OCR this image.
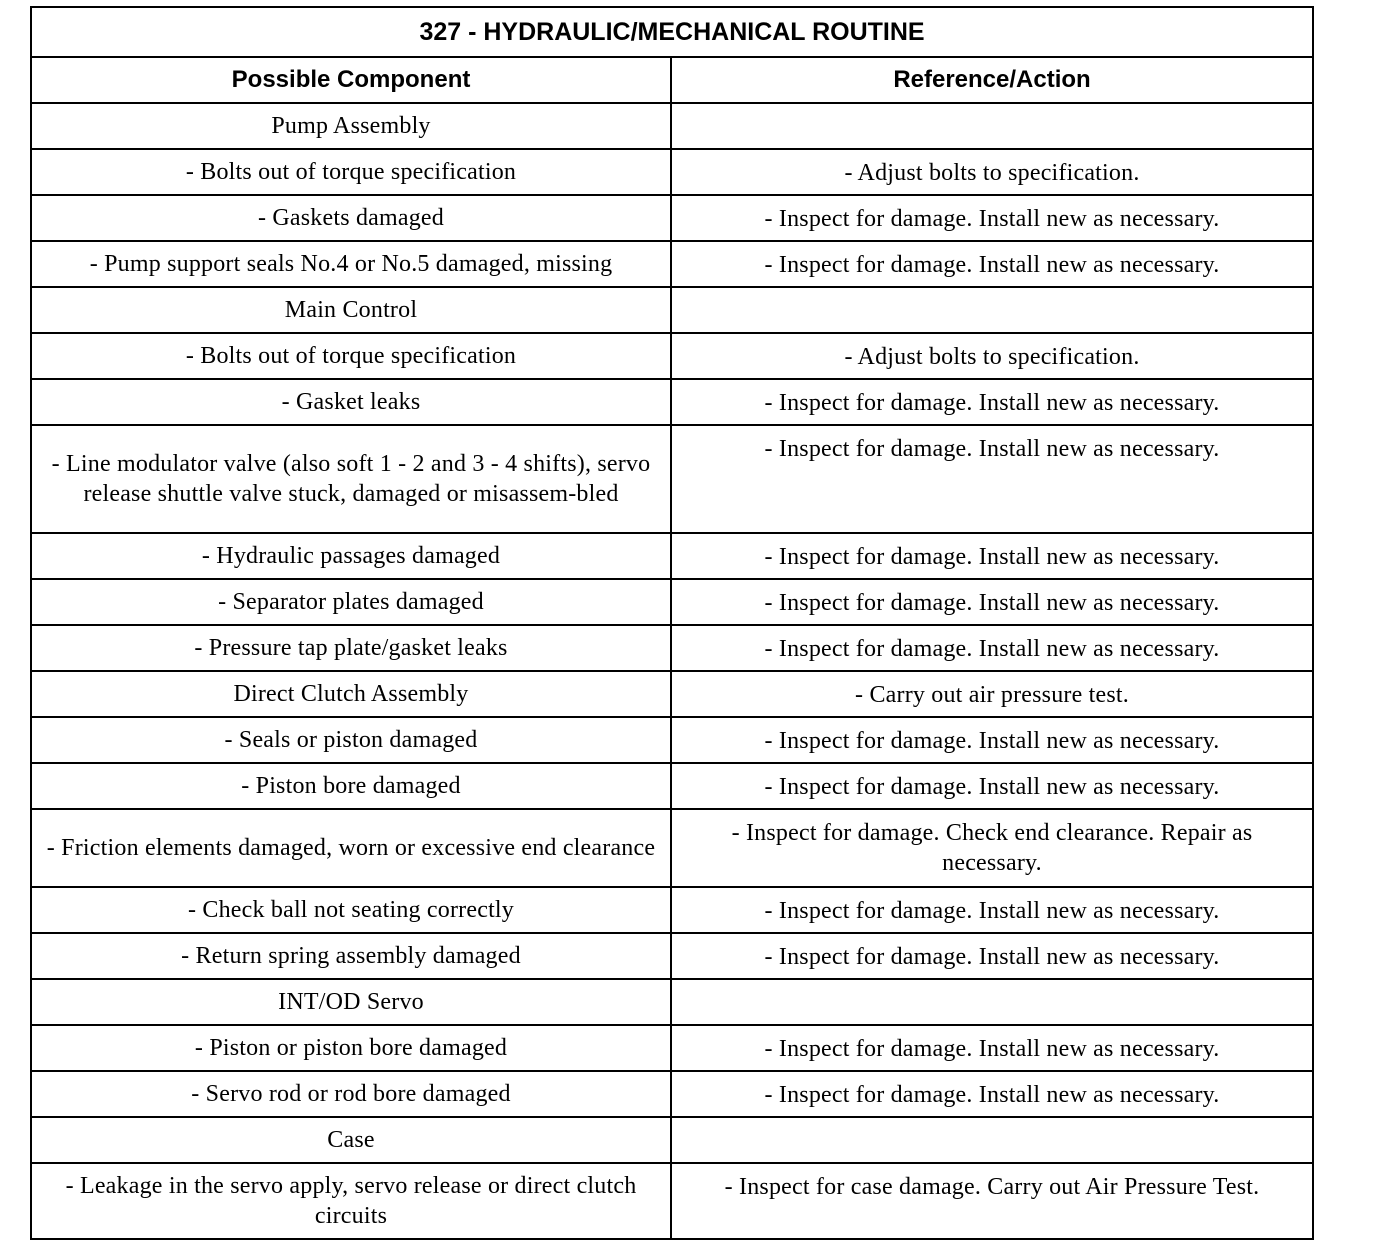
327 - HYDRAULIC/MECHANICAL ROUTINE	
Possible Component	Reference/Action
Pump Assembly	
- Bolts out of torque specification	- Adjust bolts to specification.
- Gaskets damaged	- Inspect for damage. Install new as necessary.
- Pump support seals No.4 or No.5 damaged, missing	- Inspect for damage. Install new as necessary.
Main Control	
- Bolts out of torque specification	- Adjust bolts to specification.
- Gasket leaks	- Inspect for damage. Install new as necessary.
- Line modulator valve (also soft 1 - 2 and 3 - 4 shifts), servo release shuttle valve stuck, damaged or misassem-bled	- Inspect for damage. Install new as necessary.
- Hydraulic passages damaged	- Inspect for damage. Install new as necessary.
- Separator plates damaged	- Inspect for damage. Install new as necessary.
- Pressure tap plate/gasket leaks	- Inspect for damage. Install new as necessary.
Direct Clutch Assembly	- Carry out air pressure test.
- Seals or piston damaged	- Inspect for damage. Install new as necessary.
- Piston bore damaged	- Inspect for damage. Install new as necessary.
- Friction elements damaged, worn or excessive end clearance	- Inspect for damage. Check end clearance. Repair as necessary.
- Check ball not seating correctly	- Inspect for damage. Install new as necessary.
- Return spring assembly damaged	- Inspect for damage. Install new as necessary.
INT/OD Servo	
- Piston or piston bore damaged	- Inspect for damage. Install new as necessary.
- Servo rod or rod bore damaged	- Inspect for damage. Install new as necessary.
Case	
- Leakage in the servo apply, servo release or direct clutch circuits	- Inspect for case damage. Carry out Air Pressure Test.
